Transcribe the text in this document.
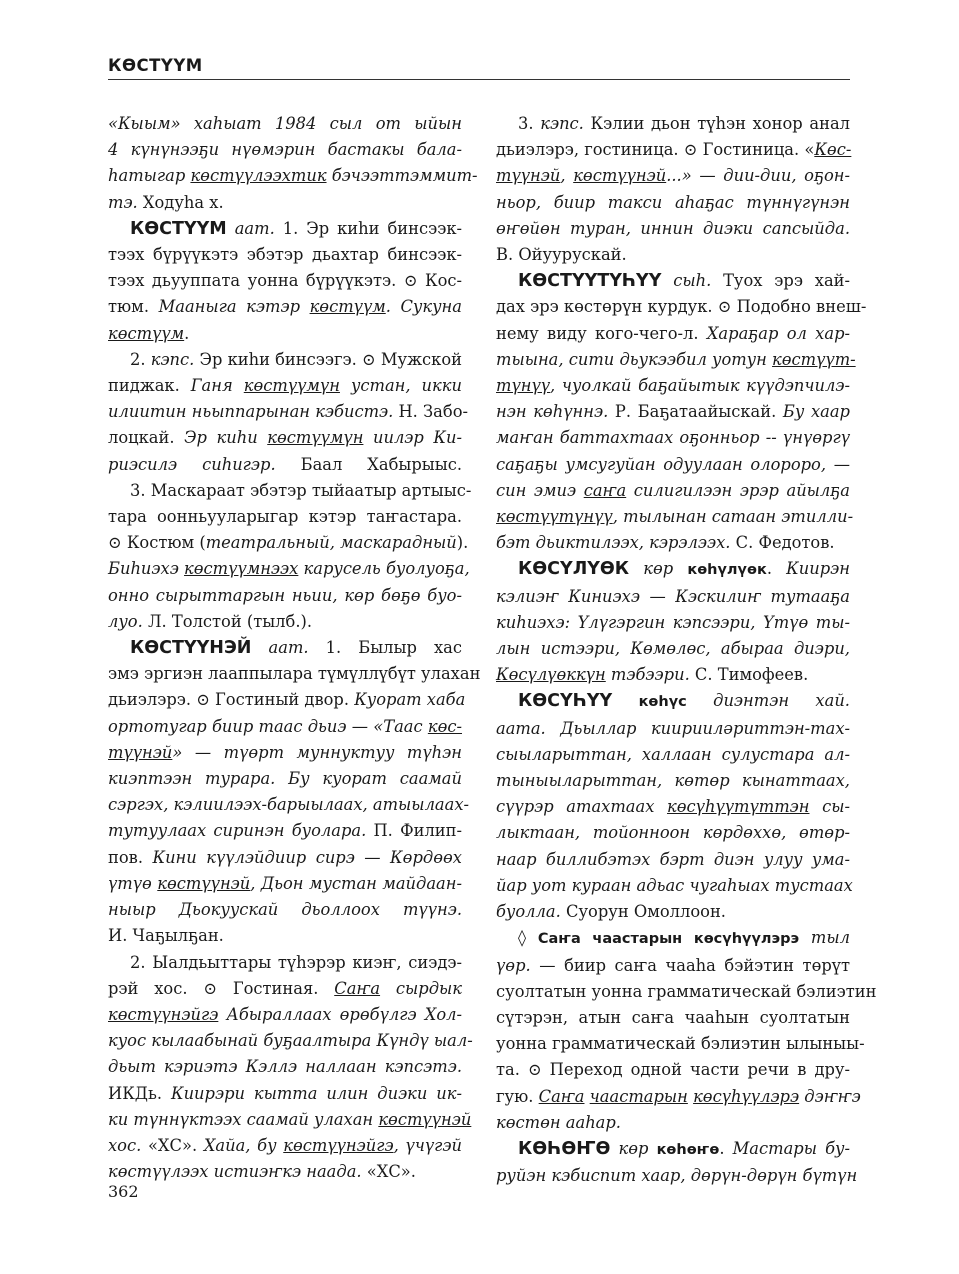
КӨСТҮҮМ
«Кыым» хаһыат 1984 сыл от ыйын
4 күнүнээҕи нүөмэрин бастакы бала-
һатыгар көстүүлээхтик бэчээттэммит-
тэ. Ходуһа х.
КӨСТҮҮМ аат. 1. Эр киһи бинсээк-
тээх бүрүүкэтэ эбэтэр дьахтар бинсээк-
тээх дьууппата уонна бүрүүкэтэ. ⊙ Кос-
тюм. Мааныга кэтэр көстүүм. Сукуна
көстүүм.
2. кэпс. Эр киһи бинсээгэ. ⊙ Мужской
пиджак. Ганя көстүүмүн устан, икки
илиитин ньыппарынан кэбистэ. Н. Забо-
лоцкай. Эр киһи көстүүмүн иилэр Ки-
риэсилэ сиһигэр. Баал Хабырыыс.
3. Маскараат эбэтэр тыйаатыр артыыс-
тара оонньууларыгар кэтэр таҥастара.
⊙ Костюм (театральный, маскарадный).
Биһиэхэ көстүүмнээх карусель буолуоҕа,
онно сырыттаргын ньии, көр бөҕө буо-
луо. Л. Толстой (тылб.).
КӨСТҮҮНЭЙ аат. 1. Былыр хас
эмэ эргиэн лааппылара түмүллүбүт улахан
дьиэлэрэ. ⊙ Гостиный двор. Куорат хаба
ортотугар биир таас дьиэ — «Таас көс-
түүнэй» — түөрт муннуктуу түһэн
киэптээн турара. Бу куорат саамай
сэргэх, кэлиилээх-барыылаах, атыылаах-
тутуулаах сиринэн буолара. П. Филип-
пов. Кини күүлэйдиир сирэ — Көрдөөх
үтүө көстүүнэй, Дьон мустан майдаан-
ныыр Дьокуускай дьоллоох түүнэ.
И. Чаҕылҕан.
2. Ыалдьыттары түһэрэр киэҥ, сиэдэ-
рэй хос. ⊙ Гостиная. Саҥа сырдык
көстүүнэйгэ Абыраллаах өрөбүлгэ Хол-
куос кылаабынай буҕаалтыра Күндү ыал-
дьыт кэриэтэ Кэллэ наллаан кэпсэтэ.
ИКДь. Киирэри кытта илин диэки ик-
ки түннүктээх саамай улахан көстүүнэй
хос. «ХС». Хайа, бу көстүүнэйгэ, үчүгэй
көстүүлээх истиэҥкэ наада. «ХС».
3. кэпс. Кэлии дьон түһэн хонор анал
дьиэлэрэ, гостиница. ⊙ Гостиница. «Көс-
түүнэй, көстүүнэй...» — дии-дии, оҕон-
ньор, биир такси аһаҕас түннүгүнэн
өҥөйөн туран, иннин диэки сапсыйда.
В. Ойуурускай.
КӨСТҮҮТҮҺҮҮ сыһ. Туох эрэ хай-
дах эрэ көстөрүн курдук. ⊙ Подобно внеш-
нему виду кого-чего-л. Хараҕар ол хар-
тыына, сити дьукээбил уотун көстүүт-
түнүү, чуолкай баҕайытык күүдэпчилэ-
нэн көһүннэ. Р. Баҕатаайыскай. Бу хаар
маҥан баттахтаах оҕонньор -- үнүөргү
саҕаҕы умсугуйан одуулаан олороро, —
син эмиэ саҥа силигилээн эрэр айылҕа
көстүүтүнүү, тылынан сатаан этилли-
бэт дьиктилээх, кэрэлээх. С. Федотов.
КӨСҮЛҮӨК көр көһүлүөк. Киирэн
кэлиэҥ Киниэхэ — Кэскилиҥ тутааҕа
киһиэхэ: Үлүгэргин кэпсээри, Үтүө ты-
лын истээри, Көмөлөс, абыраа диэри,
Көсүлүөккүн тэбээри. С. Тимофеев.
КӨСҮҺҮҮ көһүс диэнтэн хай.
аата. Дьыллар киирииләриттэн-тах-
сыыларыттан, халлаан сулустара ал-
тыныыларыттан, көтөр кынаттаах,
сүүрэр атахтаах көсүһүүтүттэн сы-
лыктаан, тойонноон көрдөххө, өтөр-
наар биллибэтэх бэрт диэн улуу ума-
йар уот кураан адьас чугаһыах тустаах
буолла. Суорун Омоллоон.
◊ Саҥа чаастарын көсүһүүлэрэ тыл
үөр. — биир саҥа чааһа бэйэтин төрүт
суолтатын уонна грамматическай бэлиэтин
сүтэрэн, атын саҥа чааһын суолтатын
уонна грамматическай бэлиэтин ылыныы-
та. ⊙ Переход одной части речи в дру-
гую. Саҥа чаастарын көсүһүүлэрэ дэҥҥэ
көстөн ааһар.
КӨҺӨҤӨ көр көһөҥө. Мастары бу-
руйэн кэбиспит хаар, дөрүн-дөрүн бүтүн
362
